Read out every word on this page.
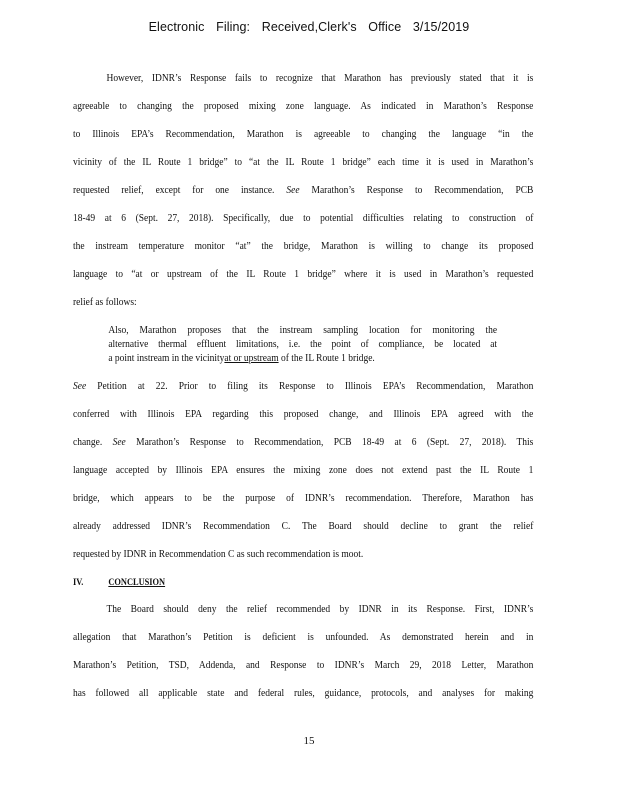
Electronic Filing: Received,Clerk's Office 3/15/2019
However, IDNR’s Response fails to recognize that Marathon has previously stated that it is
agreeable to changing the proposed mixing zone language. As indicated in Marathon’s Response
to Illinois EPA’s Recommendation, Marathon is agreeable to changing the language “in the
vicinity of the IL Route 1 bridge” to “at the IL Route 1 bridge” each time it is used in Marathon’s
requested relief, except for one instance. See Marathon’s Response to Recommendation, PCB
18-49 at 6 (Sept. 27, 2018). Specifically, due to potential difficulties relating to construction of
the instream temperature monitor “at” the bridge, Marathon is willing to change its proposed
language to “at or upstream of the IL Route 1 bridge” where it is used in Marathon’s requested
relief as follows:
Also, Marathon proposes that the instream sampling location for monitoring the
alternative thermal effluent limitations, i.e. the point of compliance, be located at
a point instream in the vicinityat or upstream of the IL Route 1 bridge.
See Petition at 22. Prior to filing its Response to Illinois EPA’s Recommendation, Marathon
conferred with Illinois EPA regarding this proposed change, and Illinois EPA agreed with the
change. See Marathon’s Response to Recommendation, PCB 18-49 at 6 (Sept. 27, 2018). This
language accepted by Illinois EPA ensures the mixing zone does not extend past the IL Route 1
bridge, which appears to be the purpose of IDNR’s recommendation. Therefore, Marathon has
already addressed IDNR’s Recommendation C. The Board should decline to grant the relief
requested by IDNR in Recommendation C as such recommendation is moot.
IV.	CONCLUSION
The Board should deny the relief recommended by IDNR in its Response. First, IDNR’s
allegation that Marathon’s Petition is deficient is unfounded. As demonstrated herein and in
Marathon’s Petition, TSD, Addenda, and Response to IDNR’s March 29, 2018 Letter, Marathon
has followed all applicable state and federal rules, guidance, protocols, and analyses for making
15
